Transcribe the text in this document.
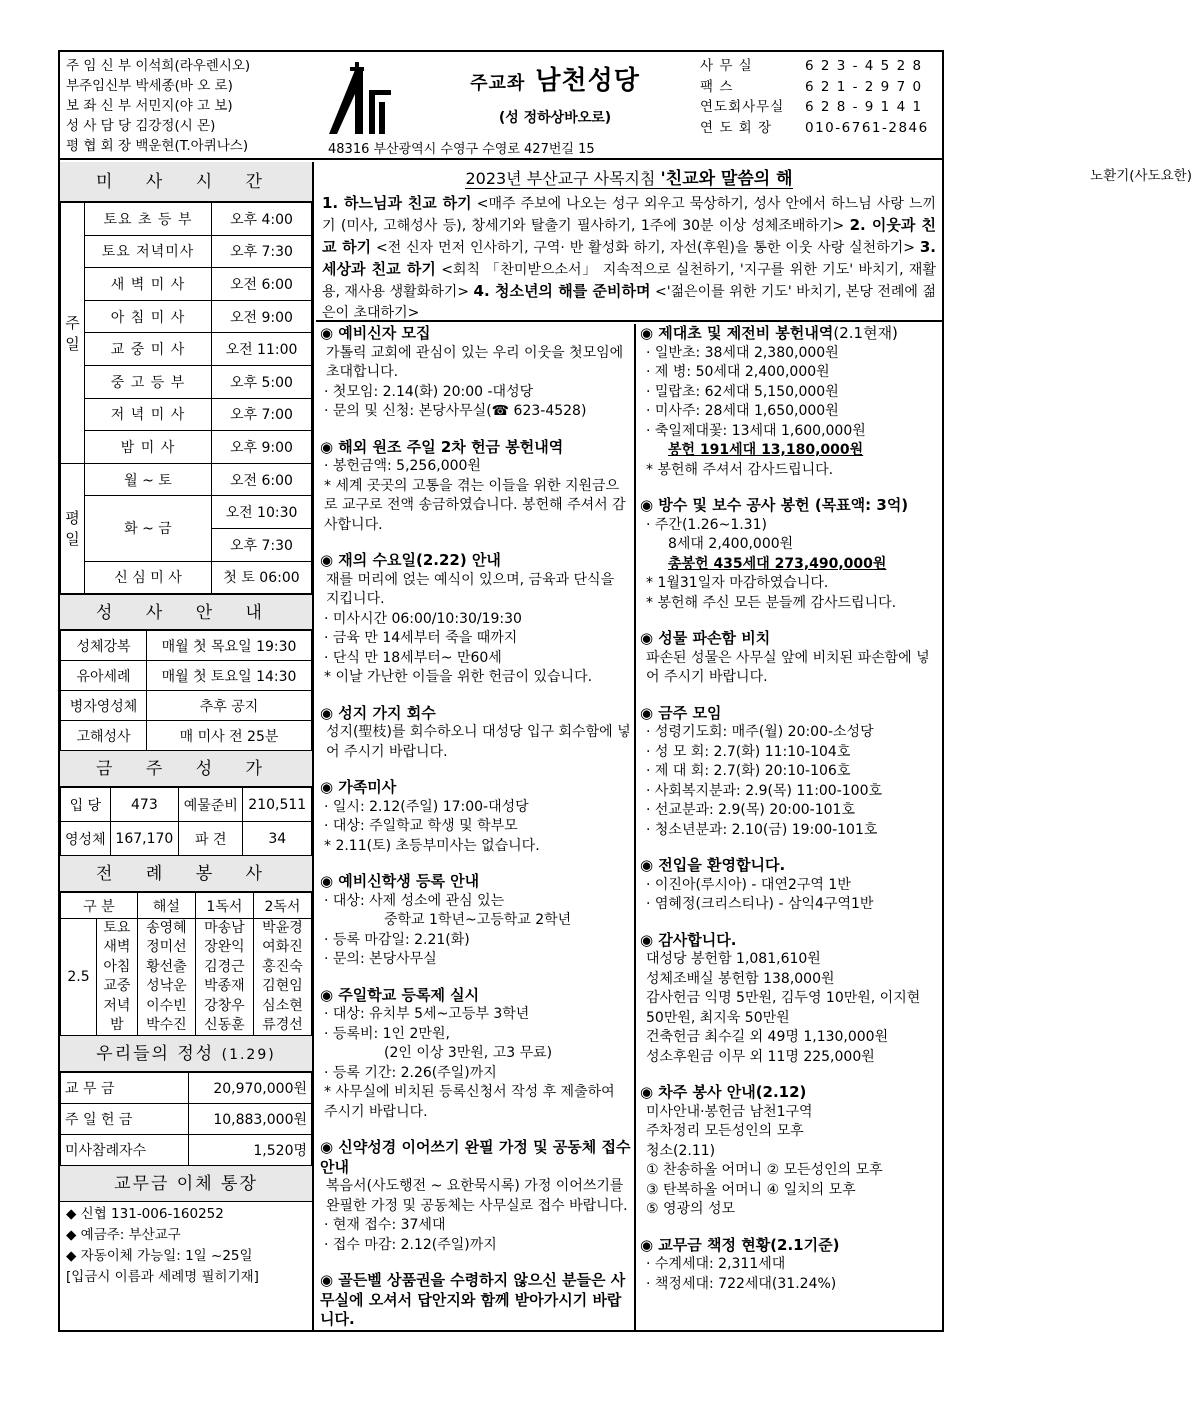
주 임 신 부 이석희(라우렌시오)
부주임신부 박세종(바 오 로)
보 좌 신 부 서민지(야 고 보)
성 사 담 당 김강정(시 몬)
평 협 회 장 백운현(T.아퀴나스)
주교좌 남천성당
(성 정하상바오로)
48316 부산광역시 수영구 수영로 427번길 15
사 무 실	6 2 3 - 4 5 2 8
팩 스	6 2 1 - 2 9 7 0
연도회사무실	6 2 8 - 9 1 4 1
연 도 회 장	010-6761-2846
노환기(사도요한)
미 사 시 간
주일	토요 초 등 부	오후 4:00
	토요 저녁미사	오후 7:30
	새 벽 미 사	오전 6:00
	아 침 미 사	오전 9:00
	교 중 미 사	오전 11:00
	중 고 등 부	오후 5:00
	저 녁 미 사	오후 7:00
	밤 미 사	오후 9:00
평일	월 ~ 토	오전 6:00
	화 ~ 금	오전 10:30
		오후 7:30
	신 심 미 사	첫 토 06:00
성 사 안 내
성체강복	매월 첫 목요일 19:30
유아세례	매월 첫 토요일 14:30
병자영성체	추후 공지
고해성사	매 미사 전 25분
금 주 성 가
입 당	473	예물준비	210,511
영성체	167,170	파 견	34
전 례 봉 사
구 분		해설	1독서	2독서
2.5	토요	송영혜	마송남	박윤경
	새벽	정미선	장완익	여화진
	아침	황선출	김경근	홍진숙
	교중	성낙운	박종재	김현임
	저녁	이수빈	강창우	심소현
	밤	박수진	신동훈	류경선
우리들의 정성 (1.29)
교 무 금	20,970,000원
주 일 헌 금	10,883,000원
미사참례자수	1,520명
교무금 이체 통장
◆ 신협 131-006-160252
◆ 예금주: 부산교구
◆ 자동이체 가능일: 1일 ~25일
[입금시 이름과 세례명 필히기재]
2023년 부산교구 사목지침 '친교와 말씀의 해
1. 하느님과 친교 하기 <매주 주보에 나오는 성구 외우고 묵상하기, 성사 안에서 하느님 사랑 느끼기 (미사, 고해성사 등), 창세기와 탈출기 필사하기, 1주에 30분 이상 성체조배하기> 2. 이웃과 친교 하기 <전 신자 먼저 인사하기, 구역· 반 활성화 하기, 자선(후원)을 통한 이웃 사랑 실천하기> 3. 세상과 친교 하기 <회칙 「찬미받으소서」 지속적으로 실천하기, '지구를 위한 기도' 바치기, 재활용, 재사용 생활화하기> 4. 청소년의 해를 준비하며 <'젊은이를 위한 기도' 바치기, 본당 전례에 젊은이 초대하기>
◉ 예비신자 모집
가톨릭 교회에 관심이 있는 우리 이웃을 첫모임에 초대합니다.
· 첫모임: 2.14(화) 20:00 -대성당
· 문의 및 신청: 본당사무실(☎ 623-4528)
◉ 해외 원조 주일 2차 헌금 봉헌내역
· 봉헌금액: 5,256,000원
* 세계 곳곳의 고통을 겪는 이들을 위한 지원금으로 교구로 전액 송금하였습니다. 봉헌해 주셔서 감사합니다.
◉ 재의 수요일(2.22) 안내
재를 머리에 얹는 예식이 있으며, 금육과 단식을 지킵니다.
· 미사시간 06:00/10:30/19:30
· 금육 만 14세부터 죽을 때까지
· 단식 만 18세부터~ 만60세
* 이날 가난한 이들을 위한 헌금이 있습니다.
◉ 성지 가지 회수
성지(聖枝)를 회수하오니 대성당 입구 회수함에 넣어 주시기 바랍니다.
◉ 가족미사
· 일시: 2.12(주일) 17:00-대성당
· 대상: 주일학교 학생 및 학부모
* 2.11(토) 초등부미사는 없습니다.
◉ 예비신학생 등록 안내
· 대상: 사제 성소에 관심 있는
중학교 1학년~고등학교 2학년
· 등록 마감일: 2.21(화)
· 문의: 본당사무실
◉ 주일학교 등록제 실시
· 대상: 유치부 5세~고등부 3학년
· 등록비: 1인 2만원,
(2인 이상 3만원, 고3 무료)
· 등록 기간: 2.26(주일)까지
* 사무실에 비치된 등록신청서 작성 후 제출하여 주시기 바랍니다.
◉ 신약성경 이어쓰기 완필 가정 및 공동체 접수 안내
복음서(사도행전 ~ 요한묵시록) 가정 이어쓰기를 완필한 가정 및 공동체는 사무실로 접수 바랍니다.
· 현재 접수: 37세대
· 접수 마감: 2.12(주일)까지
◉ 골든벨 상품권을 수령하지 않으신 분들은 사무실에 오셔서 답안지와 함께 받아가시기 바랍니다.
◉ 제대초 및 제전비 봉헌내역(2.1현재)
· 일반초: 38세대 2,380,000원
· 제 병: 50세대 2,400,000원
· 밀랍초: 62세대 5,150,000원
· 미사주: 28세대 1,650,000원
· 축일제대꽃: 13세대 1,600,000원
봉헌 191세대 13,180,000원
* 봉헌해 주셔서 감사드립니다.
◉ 방수 및 보수 공사 봉헌 (목표액: 3억)
· 주간(1.26~1.31)
8세대 2,400,000원
총봉헌 435세대 273,490,000원
* 1월31일자 마감하였습니다.
* 봉헌해 주신 모든 분들께 감사드립니다.
◉ 성물 파손함 비치
파손된 성물은 사무실 앞에 비치된 파손함에 넣어 주시기 바랍니다.
◉ 금주 모임
· 성령기도회: 매주(월) 20:00-소성당
· 성 모 회: 2.7(화) 11:10-104호
· 제 대 회: 2.7(화) 20:10-106호
· 사회복지분과: 2.9(목) 11:00-100호
· 선교분과: 2.9(목) 20:00-101호
· 청소년분과: 2.10(금) 19:00-101호
◉ 전입을 환영합니다.
· 이진아(루시아) - 대연2구역 1반
· 염혜정(크리스티나) - 삼익4구역1반
◉ 감사합니다.
대성당 봉헌함 1,081,610원
성체조배실 봉헌함 138,000원
감사헌금 익명 5만원, 김두영 10만원, 이지현 50만원, 최지욱 50만원
건축헌금 최수길 외 49명 1,130,000원
성소후원금 이무 외 11명 225,000원
◉ 차주 봉사 안내(2.12)
미사안내·봉헌금 남천1구역
주차정리 모든성인의 모후
청소(2.11)
① 찬송하올 어머니 ② 모든성인의 모후
③ 탄복하올 어머니 ④ 일치의 모후
⑤ 영광의 성모
◉ 교무금 책정 현황(2.1기준)
· 수계세대: 2,311세대
· 책정세대: 722세대(31.24%)
